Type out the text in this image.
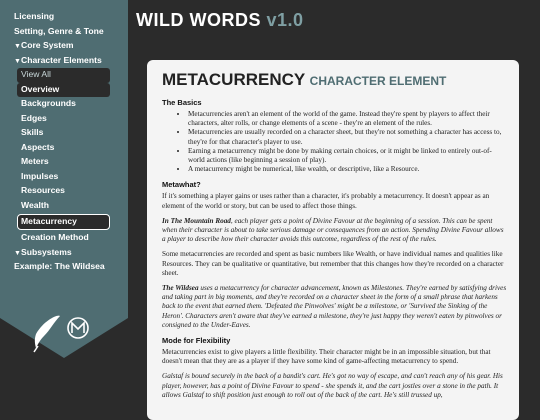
Licensing
Setting, Genre & Tone
▼Core System
▼Character Elements
View All
Overview
Backgrounds
Edges
Skills
Aspects
Meters
Impulses
Resources
Wealth
Metacurrency
Creation Method
▼Subsystems
Example: The Wildsea
WILD WORDS v1.0
METACURRENCY CHARACTER ELEMENT
The Basics
• Metacurrencies aren't an element of the world of the game. Instead they're spent by players to affect their characters, alter rolls, or change elements of a scene - they're an element of the rules.
• Metacurrencies are usually recorded on a character sheet, but they're not something a character has access to, they're for that character's player to use.
• Earning a metacurrency might be done by making certain choices, or it might be linked to entirely out-of-world actions (like beginning a session of play).
• A metacurrency might be numerical, like wealth, or descriptive, like a Resource.
Metawhat?

If it's something a player gains or uses rather than a character, it's probably a metacurrency. It doesn't appear as an element of the world or story, but can be used to affect those things.

In The Mountain Road, each player gets a point of Divine Favour at the beginning of a session. This can be spent when their character is about to take serious damage or consequences from an action. Spending Divine Favour allows a player to describe how their character avoids this outcome, regardless of the rest of the rules.

Some metacurrencies are recorded and spent as basic numbers like Wealth, or have individual names and qualities like Resources. They can be qualitative or quantitative, but remember that this changes how they're recorded on a character sheet.

The Wildsea uses a metacurrency for character advancement, known as Milestones. They're earned by satisfying drives and taking part in big moments, and they're recorded on a character sheet in the form of a small phrase that harkens back to the event that earned them. 'Defeated the Pinwolves' might be a milestone, or 'Survived the Sinking of the Heron'. Characters aren't aware that they've earned a milestone, they're just happy they weren't eaten by pinwolves or consigned to the Under-Eaves.

Mode for Flexibility

Metacurrencies exist to give players a little flexibility. Their character might be in an impossible situation, but that doesn't mean that they are as a player if they have some kind of game-affecting metacurrency to spend.

Galstaf is bound securely in the back of a bandit's cart. He's got no way of escape, and can't reach any of his gear. His player, however, has a point of Divine Favour to spend - she spends it, and the cart jostles over a stone in the path. It allows Galstaf to shift position just enough to roll out of the back of the cart. He's still trussed up,
